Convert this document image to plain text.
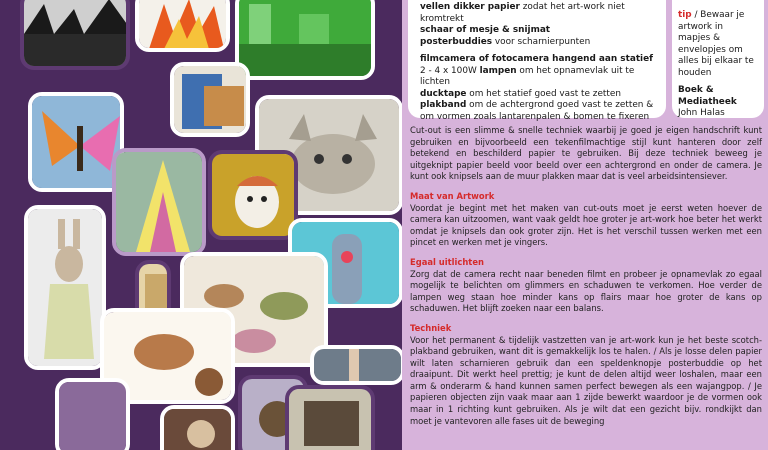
vellen dikker papier zodat het art-work niet kromtrekt

schaar of mesje & snijmat

posterbuddies voor scharnierpunten

filmcamera of fotocamera hangend aan statief

2 - 4 x 100W lampen om het opnamevlak uit te lichten

ducktape om het statief goed vast te zetten

plakband om de achtergrond goed vast te zetten &

om vormen zoals lantarenpalen & bomen te fixeren

tip / Bewaar je artwork in mapjes & envelopjes om alles bij elkaar te houden

Boek & Mediatheek

John Halas

Cut-out is een slimme & snelle techniek waarbij je goed je eigen handschrift kunt gebruiken en bijvoorbeeld een tekenfilmachtige stijl kunt hanteren door zelf betekend en beschilderd papier te gebruiken. Bij deze techniek beweeg je uitgeknipt papier beeld voor beeld over een achtergrond en onder de camera. Je kunt ook knipsels aan de muur plakken maar dat is veel arbeidsintensiever.

Maat van Artwork
Voordat je begint met het maken van cut-outs moet je eerst weten hoever de camera kan uitzoomen, want vaak geldt hoe groter je art-work hoe beter het werkt omdat je knipsels dan ook groter zijn. Het is het verschil tussen werken met een pincet en werken met je vingers.

Egaal uitlichten
Zorg dat de camera recht naar beneden filmt en probeer je opnamevlak zo egaal mogelijk te belichten om glimmers en schaduwen te verkomen. Hoe verder de lampen weg staan hoe minder kans op flairs maar hoe groter de kans op schaduwen. Het blijft zoeken naar een balans.

Techniek
Voor het permanent & tijdelijk vastzetten van je art-work kun je het beste scotch-plakband gebruiken, want dit is gemakkelijk los te halen. / Als je losse delen papier wilt laten scharnieren gebruik dan een speldenknopje posterbuddie op het draaipunt. Dit werkt heel prettig; je kunt de delen altijd weer loshalen, maar een arm & onderarm & hand kunnen samen perfect bewegen als een wajangpop. / Je papieren objecten zijn vaak maar aan 1 zijde bewerkt waardoor je de vormen ook maar in 1 richting kunt gebruiken. Als je wilt dat een gezicht bijv. rondkijkt dan moet je vantevoren alle fases uit de beweging
